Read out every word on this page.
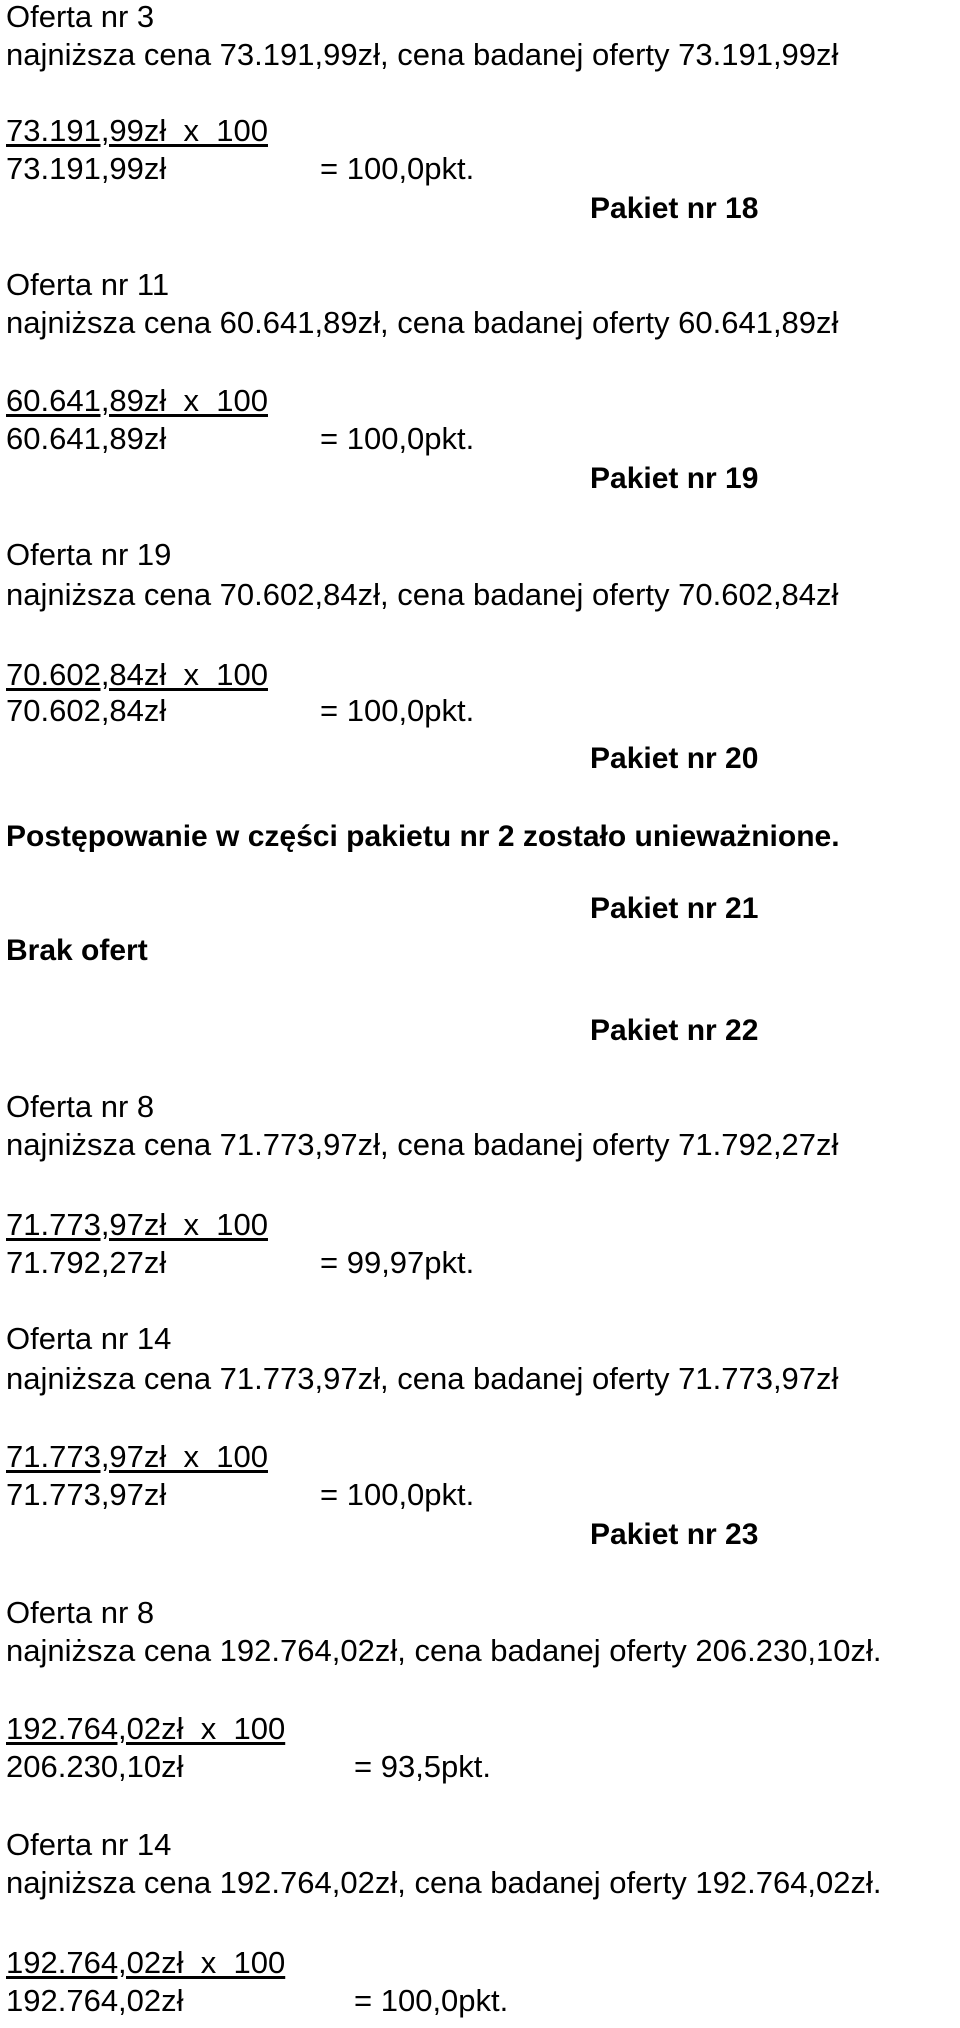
Oferta nr 3
najniższa cena 73.191,99zł, cena badanej oferty 73.191,99zł
73.191,99zł  x  100
73.191,99zł	= 100,0pkt.
Pakiet nr 18
Oferta nr 11
najniższa cena 60.641,89zł, cena badanej oferty 60.641,89zł
60.641,89zł  x  100
60.641,89zł	= 100,0pkt.
Pakiet nr 19
Oferta nr 19
najniższa cena 70.602,84zł, cena badanej oferty 70.602,84zł
70.602,84zł  x  100
70.602,84zł	= 100,0pkt.
Pakiet nr 20
Postępowanie w części pakietu nr 2 zostało unieważnione.
Pakiet nr 21
Brak ofert
Pakiet nr 22
Oferta nr 8
najniższa cena 71.773,97zł, cena badanej oferty 71.792,27zł
71.773,97zł  x  100
71.792,27zł	= 99,97pkt.
Oferta nr 14
najniższa cena 71.773,97zł, cena badanej oferty 71.773,97zł
71.773,97zł  x  100
71.773,97zł	= 100,0pkt.
Pakiet nr 23
Oferta nr 8
najniższa cena 192.764,02zł, cena badanej oferty 206.230,10zł.
192.764,02zł  x  100
206.230,10zł	= 93,5pkt.
Oferta nr 14
najniższa cena 192.764,02zł, cena badanej oferty 192.764,02zł.
192.764,02zł  x  100
192.764,02zł	= 100,0pkt.
